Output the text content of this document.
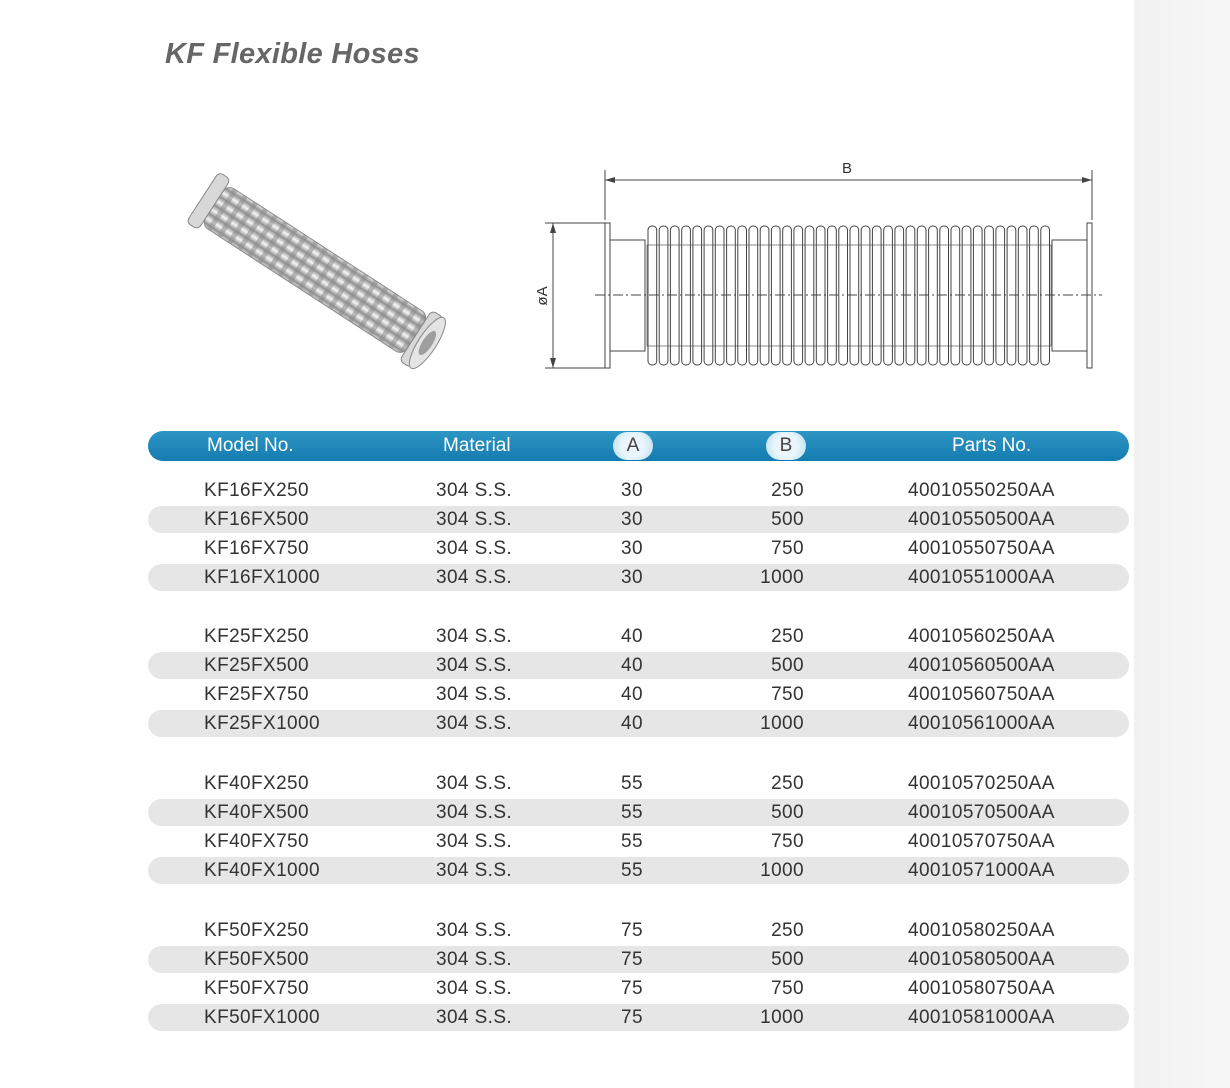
KF Flexible Hoses
B
øA
Model No.	Material	A	B	Parts No.
KF16FX250	304 S.S.	30	250	40010550250AA
KF16FX500	304 S.S.	30	500	40010550500AA
KF16FX750	304 S.S.	30	750	40010550750AA
KF16FX1000	304 S.S.	30	1000	40010551000AA
KF25FX250	304 S.S.	40	250	40010560250AA
KF25FX500	304 S.S.	40	500	40010560500AA
KF25FX750	304 S.S.	40	750	40010560750AA
KF25FX1000	304 S.S.	40	1000	40010561000AA
KF40FX250	304 S.S.	55	250	40010570250AA
KF40FX500	304 S.S.	55	500	40010570500AA
KF40FX750	304 S.S.	55	750	40010570750AA
KF40FX1000	304 S.S.	55	1000	40010571000AA
KF50FX250	304 S.S.	75	250	40010580250AA
KF50FX500	304 S.S.	75	500	40010580500AA
KF50FX750	304 S.S.	75	750	40010580750AA
KF50FX1000	304 S.S.	75	1000	40010581000AA
